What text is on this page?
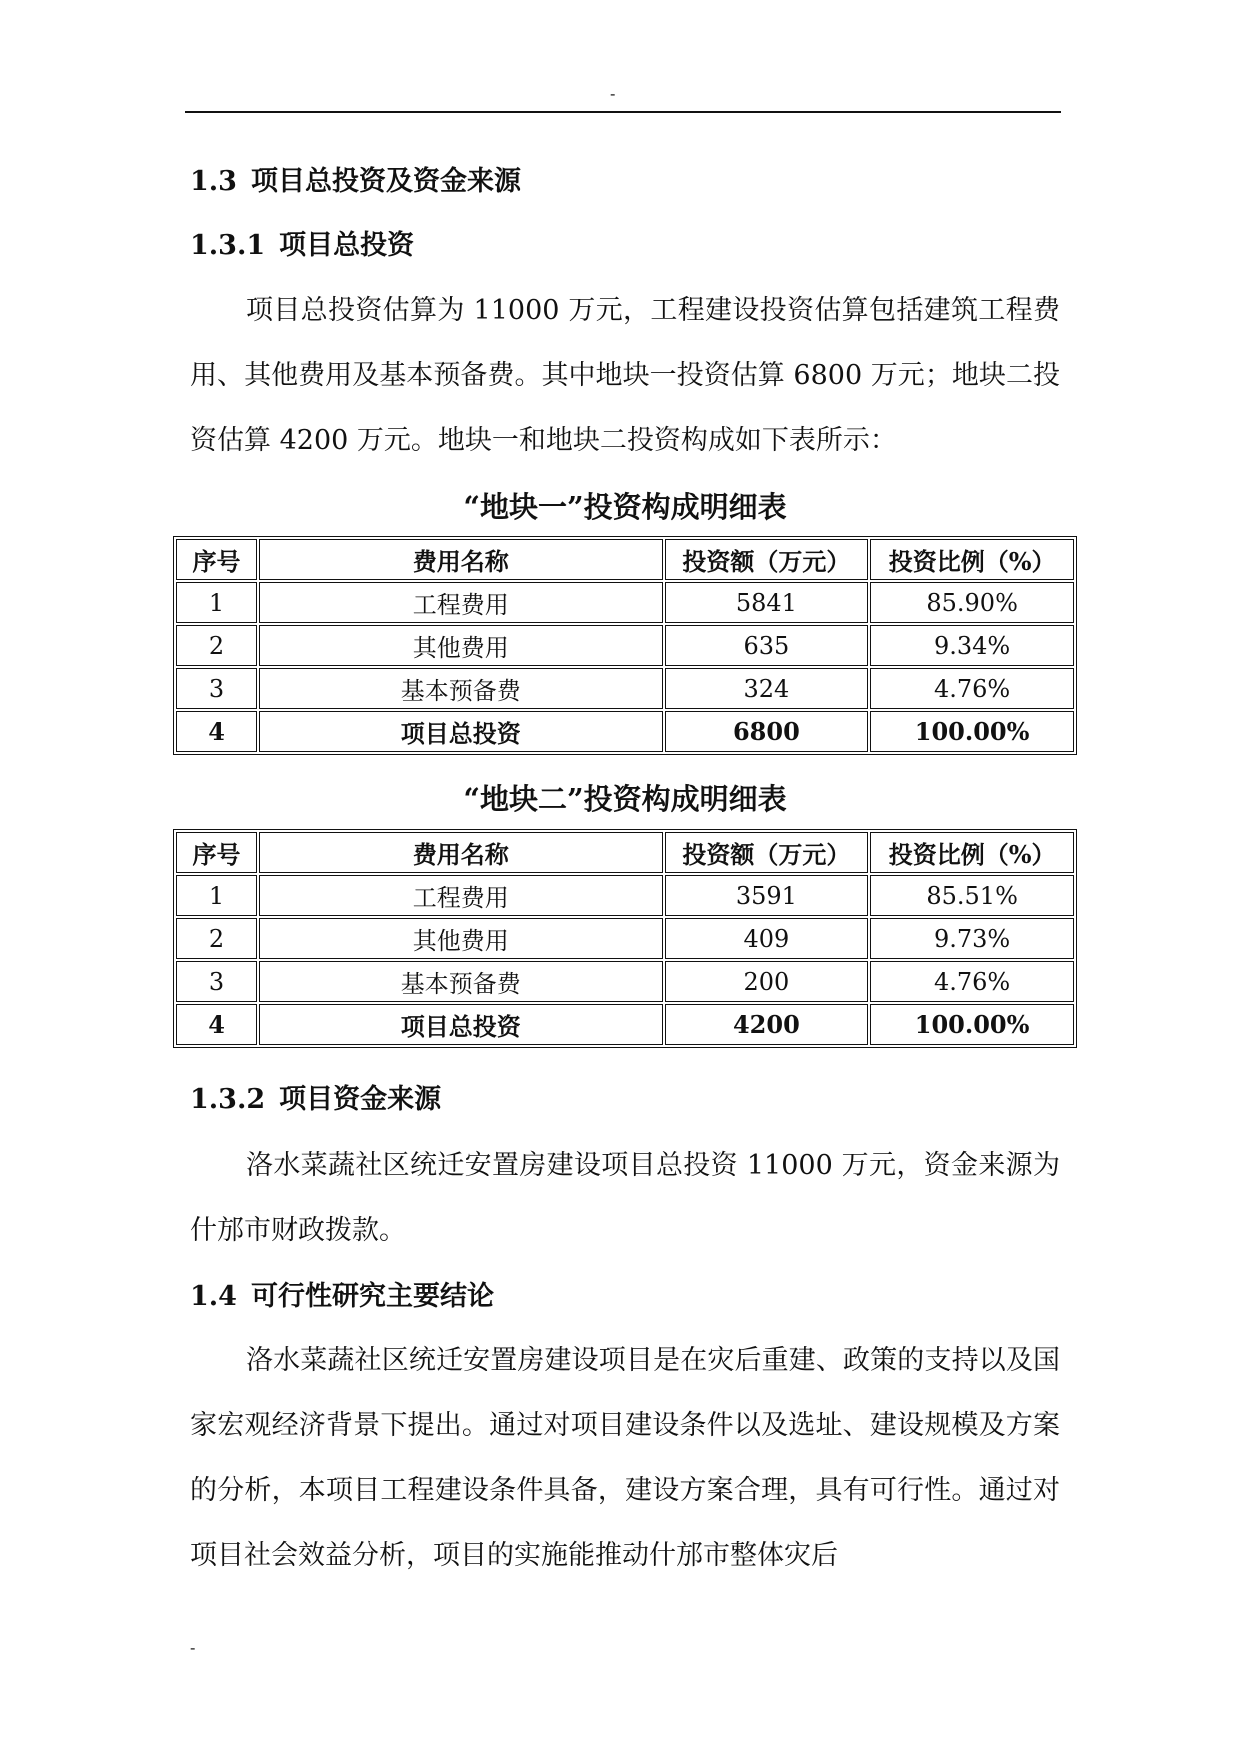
-
1.3 项目总投资及资金来源
1.3.1 项目总投资
项目总投资估算为 11000 万元，工程建设投资估算包括建筑工程费用、其他费用及基本预备费。其中地块一投资估算 6800 万元；地块二投资估算 4200 万元。地块一和地块二投资构成如下表所示：
“地块一”投资构成明细表
序号	费用名称	投资额（万元）	投资比例（%）
1	工程费用	5841	85.90%
2	其他费用	635	9.34%
3	基本预备费	324	4.76%
4	项目总投资	6800	100.00%
“地块二”投资构成明细表
序号	费用名称	投资额（万元）	投资比例（%）
1	工程费用	3591	85.51%
2	其他费用	409	9.73%
3	基本预备费	200	4.76%
4	项目总投资	4200	100.00%
1.3.2 项目资金来源
洛水菜蔬社区统迁安置房建设项目总投资 11000 万元，资金来源为什邡市财政拨款。
1.4 可行性研究主要结论
洛水菜蔬社区统迁安置房建设项目是在灾后重建、政策的支持以及国家宏观经济背景下提出。通过对项目建设条件以及选址、建设规模及方案的分析，本项目工程建设条件具备，建设方案合理，具有可行性。通过对项目社会效益分析，项目的实施能推动什邡市整体灾后
-
